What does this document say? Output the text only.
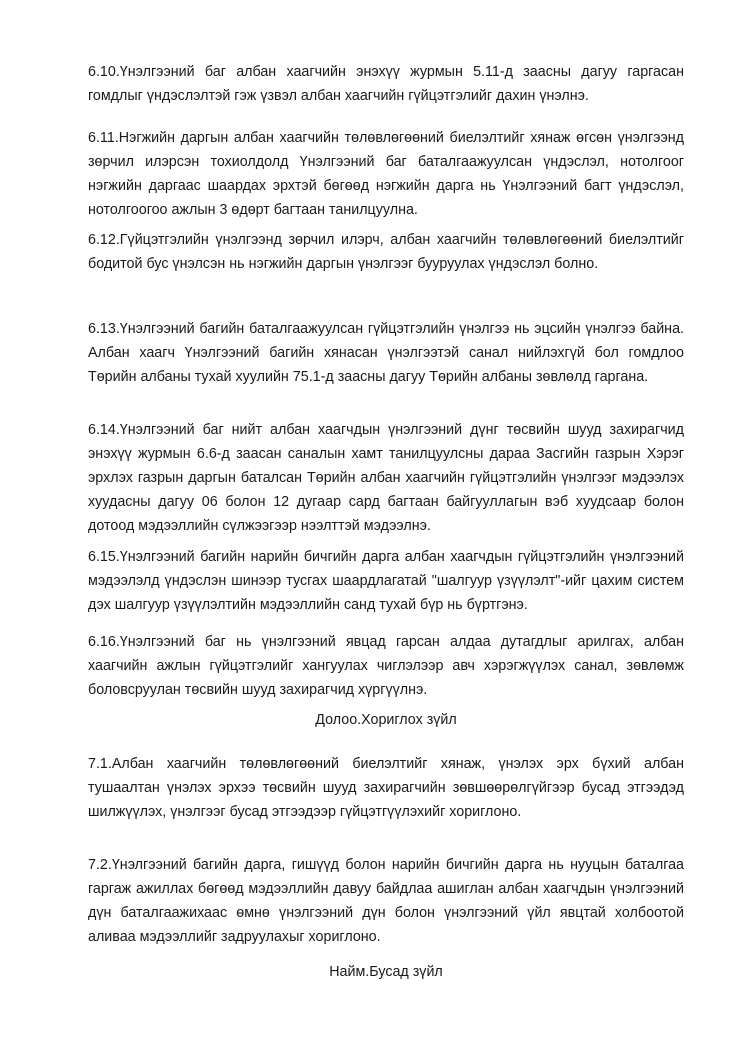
6.10.Үнэлгээний баг албан хаагчийн энэхүү журмын 5.11-д заасны дагуу гаргасан гомдлыг үндэслэлтэй гэж үзвэл албан хаагчийн гүйцэтгэлийг дахин үнэлнэ.

6.11.Нэгжийн даргын албан хаагчийн төлөвлөгөөний биелэлтийг хянаж өгсөн үнэлгээнд зөрчил илэрсэн тохиолдолд Үнэлгээний баг баталгаажуулсан үндэслэл, нотолгоог нэгжийн даргаас шаардах эрхтэй бөгөөд нэгжийн дарга нь Үнэлгээний багт үндэслэл, нотолгоогоо ажлын 3 өдөрт багтаан танилцуулна.

6.12.Гүйцэтгэлийн үнэлгээнд зөрчил илэрч, албан хаагчийн төлөвлөгөөний биелэлтийг бодитой бус үнэлсэн нь нэгжийн даргын үнэлгээг бууруулах үндэслэл болно.

6.13.Үнэлгээний багийн баталгаажуулсан гүйцэтгэлийн үнэлгээ нь эцсийн үнэлгээ байна. Албан хаагч Үнэлгээний багийн хянасан үнэлгээтэй санал нийлэхгүй бол гомдлоо Төрийн албаны тухай хуулийн 75.1-д заасны дагуу Төрийн албаны зөвлөлд гаргана.

6.14.Үнэлгээний баг нийт албан хаагчдын үнэлгээний дүнг төсвийн шууд захирагчид энэхүү журмын 6.6-д заасан саналын хамт танилцуулсны дараа Засгийн газрын Хэрэг эрхлэх газрын даргын баталсан Төрийн албан хаагчийн гүйцэтгэлийн үнэлгээг мэдээлэх хуудасны дагуу 06 болон 12 дугаар сард багтаан байгууллагын вэб хуудсаар болон дотоод мэдээллийн сүлжээгээр нээлттэй мэдээлнэ.

6.15.Үнэлгээний багийн нарийн бичгийн дарга албан хаагчдын гүйцэтгэлийн үнэлгээний мэдээлэлд үндэслэн шинээр тусгах шаардлагатай "шалгуур үзүүлэлт"-ийг цахим систем дэх шалгуур үзүүлэлтийн мэдээллийн санд тухай бүр нь бүртгэнэ.

6.16.Үнэлгээний баг нь үнэлгээний явцад гарсан алдаа дутагдлыг арилгах, албан хаагчийн ажлын гүйцэтгэлийг хангуулах чиглэлээр авч хэрэгжүүлэх санал, зөвлөмж боловсруулан төсвийн шууд захирагчид хүргүүлнэ.

Долоо.Хориглох зүйл

7.1.Албан хаагчийн төлөвлөгөөний биелэлтийг хянаж, үнэлэх эрх бүхий албан тушаалтан үнэлэх эрхээ төсвийн шууд захирагчийн зөвшөөрөлгүйгээр бусад этгээдэд шилжүүлэх, үнэлгээг бусад этгээдээр гүйцэтгүүлэхийг хориглоно.

7.2.Үнэлгээний багийн дарга, гишүүд болон нарийн бичгийн дарга нь нууцын баталгаа гаргаж ажиллах бөгөөд мэдээллийн давуу байдлаа ашиглан албан хаагчдын үнэлгээний дүн баталгаажихаас өмнө үнэлгээний дүн болон үнэлгээний үйл явцтай холбоотой аливаа мэдээллийг задруулахыг хориглоно.

Найм.Бусад зүйл
